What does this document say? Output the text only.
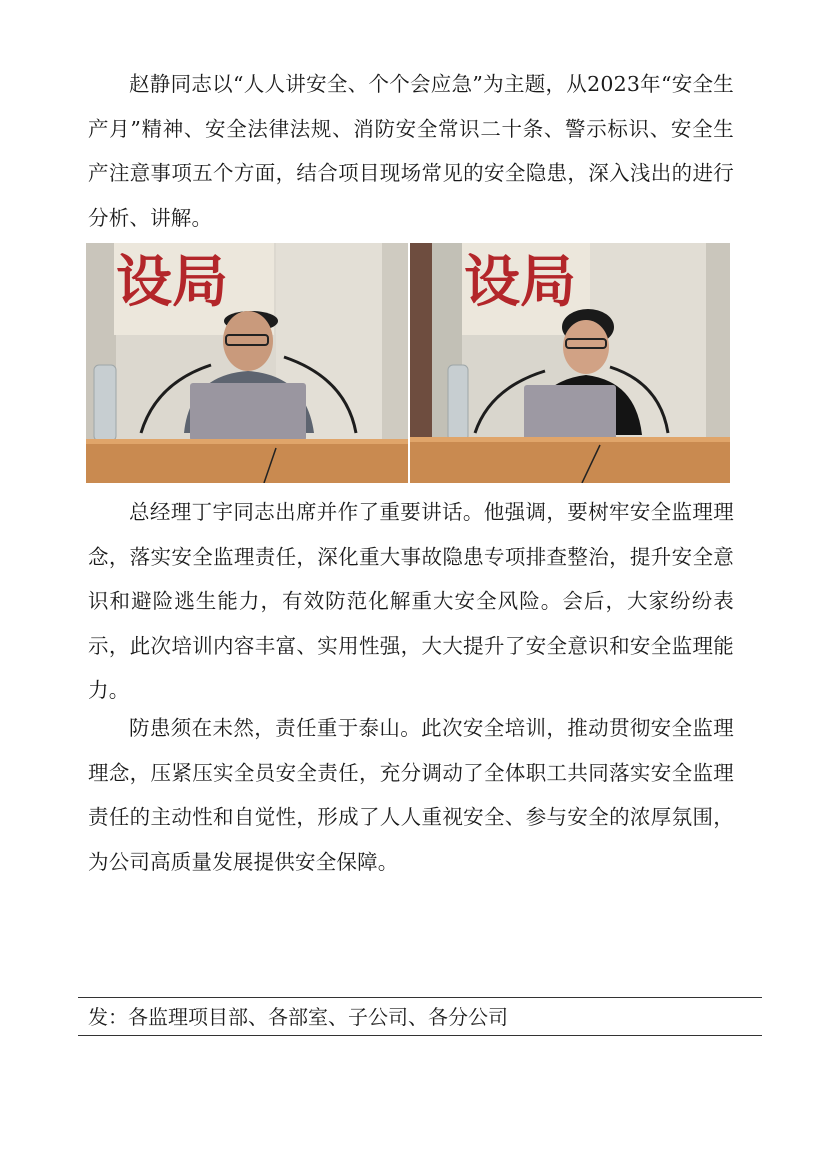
赵静同志以“人人讲安全、个个会应急”为主题，从2023年“安全生产月”精神、安全法律法规、消防安全常识二十条、警示标识、安全生产注意事项五个方面，结合项目现场常见的安全隐患，深入浅出的进行分析、讲解。

设局	设局

总经理丁宇同志出席并作了重要讲话。他强调，要树牢安全监理理念，落实安全监理责任，深化重大事故隐患专项排查整治，提升安全意识和避险逃生能力，有效防范化解重大安全风险。会后，大家纷纷表示，此次培训内容丰富、实用性强，大大提升了安全意识和安全监理能力。

防患须在未然，责任重于泰山。此次安全培训，推动贯彻安全监理理念，压紧压实全员安全责任，充分调动了全体职工共同落实安全监理责任的主动性和自觉性，形成了人人重视安全、参与安全的浓厚氛围，为公司高质量发展提供安全保障。

发：各监理项目部、各部室、子公司、各分公司
